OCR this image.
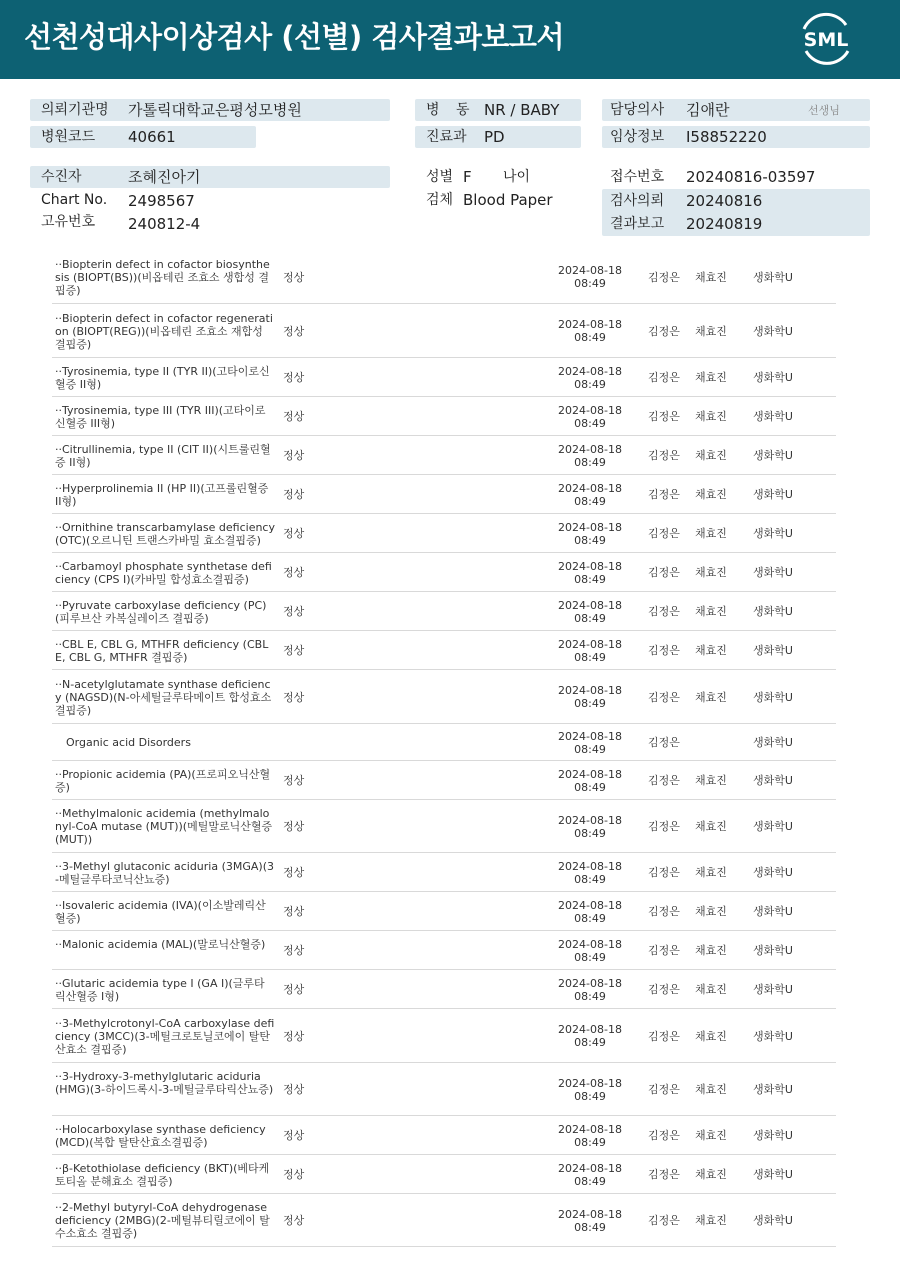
선천성대사이상검사 (선별) 검사결과보고서	SML
의뢰기관명 가톨릭대학교은평성모병원
병원코드 40661
병 동 NR / BABY
진료과 PD
담당의사 김애란	선생님
임상정보 I58852220
수진자	조혜진아기
Chart No. 2498567
고유번호 240812-4
성별 F 나이
검체 Blood Paper
접수번호 20240816-03597
검사의뢰 20240816
결과보고 20240819
··Biopterin defect in cofactor biosynthesis (BIOPT(BS))(비옵테린 조효소 생합성 결핍증)
정상	2024-08-18
08:49	김정은 채효진 생화학U
··Biopterin defect in cofactor regeneration (BIOPT(REG))(비옵테린 조효소 재합성 결핍증)
정상	2024-08-18
08:49	김정은 채효진 생화학U
··Tyrosinemia, type II (TYR II)(고타이로신혈증 II형)	정상	2024-08-18
08:49	김정은 채효진 생화학U
··Tyrosinemia, type III (TYR III)(고타이로신혈증 III형)	정상	2024-08-18
08:49	김정은 채효진 생화학U
··Citrullinemia, type II (CIT II)(시트룰린혈증 II형)	정상	2024-08-18
08:49	김정은 채효진 생화학U
··Hyperprolinemia II (HP II)(고프롤린혈증 II형)	정상	2024-08-18
08:49	김정은 채효진 생화학U
··Ornithine transcarbamylase deficiency (OTC)(오르니틴 트랜스카바밀 효소결핍증)	정상	2024-08-18
08:49	김정은 채효진 생화학U
··Carbamoyl phosphate synthetase deficiency (CPS I)(카바밀 합성효소결핍증)	정상	2024-08-18
08:49	김정은 채효진 생화학U
··Pyruvate carboxylase deficiency (PC)(피루브산 카복실레이즈 결핍증)	정상	2024-08-18
08:49	김정은 채효진 생화학U
··CBL E, CBL G, MTHFR deficiency (CBL E, CBL G, MTHFR 결핍증)	정상	2024-08-18
08:49	김정은 채효진 생화학U
··N-acetylglutamate synthase deficiency (NAGSD)(N-아세틸글루타메이트 합성효소 결핍증)
정상	2024-08-18
08:49	김정은 채효진 생화학U
Organic acid Disorders	2024-08-18
08:49	김정은	생화학U
··Propionic acidemia (PA)(프로피오닉산혈증)	정상	2024-08-18
08:49	김정은 채효진 생화학U
··Methylmalonic acidemia (methylmalonyl-CoA mutase (MUT))(메틸말로닉산혈증 (MUT))
정상	2024-08-18
08:49	김정은 채효진 생화학U
··3-Methyl glutaconic aciduria (3MGA)(3-메틸글루타코닉산뇨증)	정상	2024-08-18
08:49	김정은 채효진 생화학U
··Isovaleric acidemia (IVA)(이소발레릭산혈증)	정상	2024-08-18
08:49	김정은 채효진 생화학U
··Malonic acidemia (MAL)(말로닉산혈증)	정상	2024-08-18
08:49	김정은 채효진 생화학U
··Glutaric acidemia type I (GA I)(글루타릭산혈증 I형)	정상	2024-08-18
08:49	김정은 채효진 생화학U
··3-Methylcrotonyl-CoA carboxylase deficiency (3MCC)(3-메틸크로토닐코에이 탈탄산효소 결핍증)
정상	2024-08-18
08:49	김정은 채효진 생화학U
··3-Hydroxy-3-methylglutaric aciduria (HMG)(3-하이드록시-3-메틸글루타릭산뇨증) 정상	2024-08-18
08:49	김정은 채효진 생화학U
··Holocarboxylase synthase deficiency (MCD)(복합 탈탄산효소결핍증)	정상	2024-08-18
08:49	김정은 채효진 생화학U
··β-Ketothiolase deficiency (BKT)(베타케토티올 분해효소 결핍증)	정상	2024-08-18
08:49	김정은 채효진 생화학U
··2-Methyl butyryl-CoA dehydrogenase deficiency (2MBG)(2-메틸뷰티릴코에이 탈수소효소 결핍증)
정상	2024-08-18
08:49	김정은 채효진 생화학U
